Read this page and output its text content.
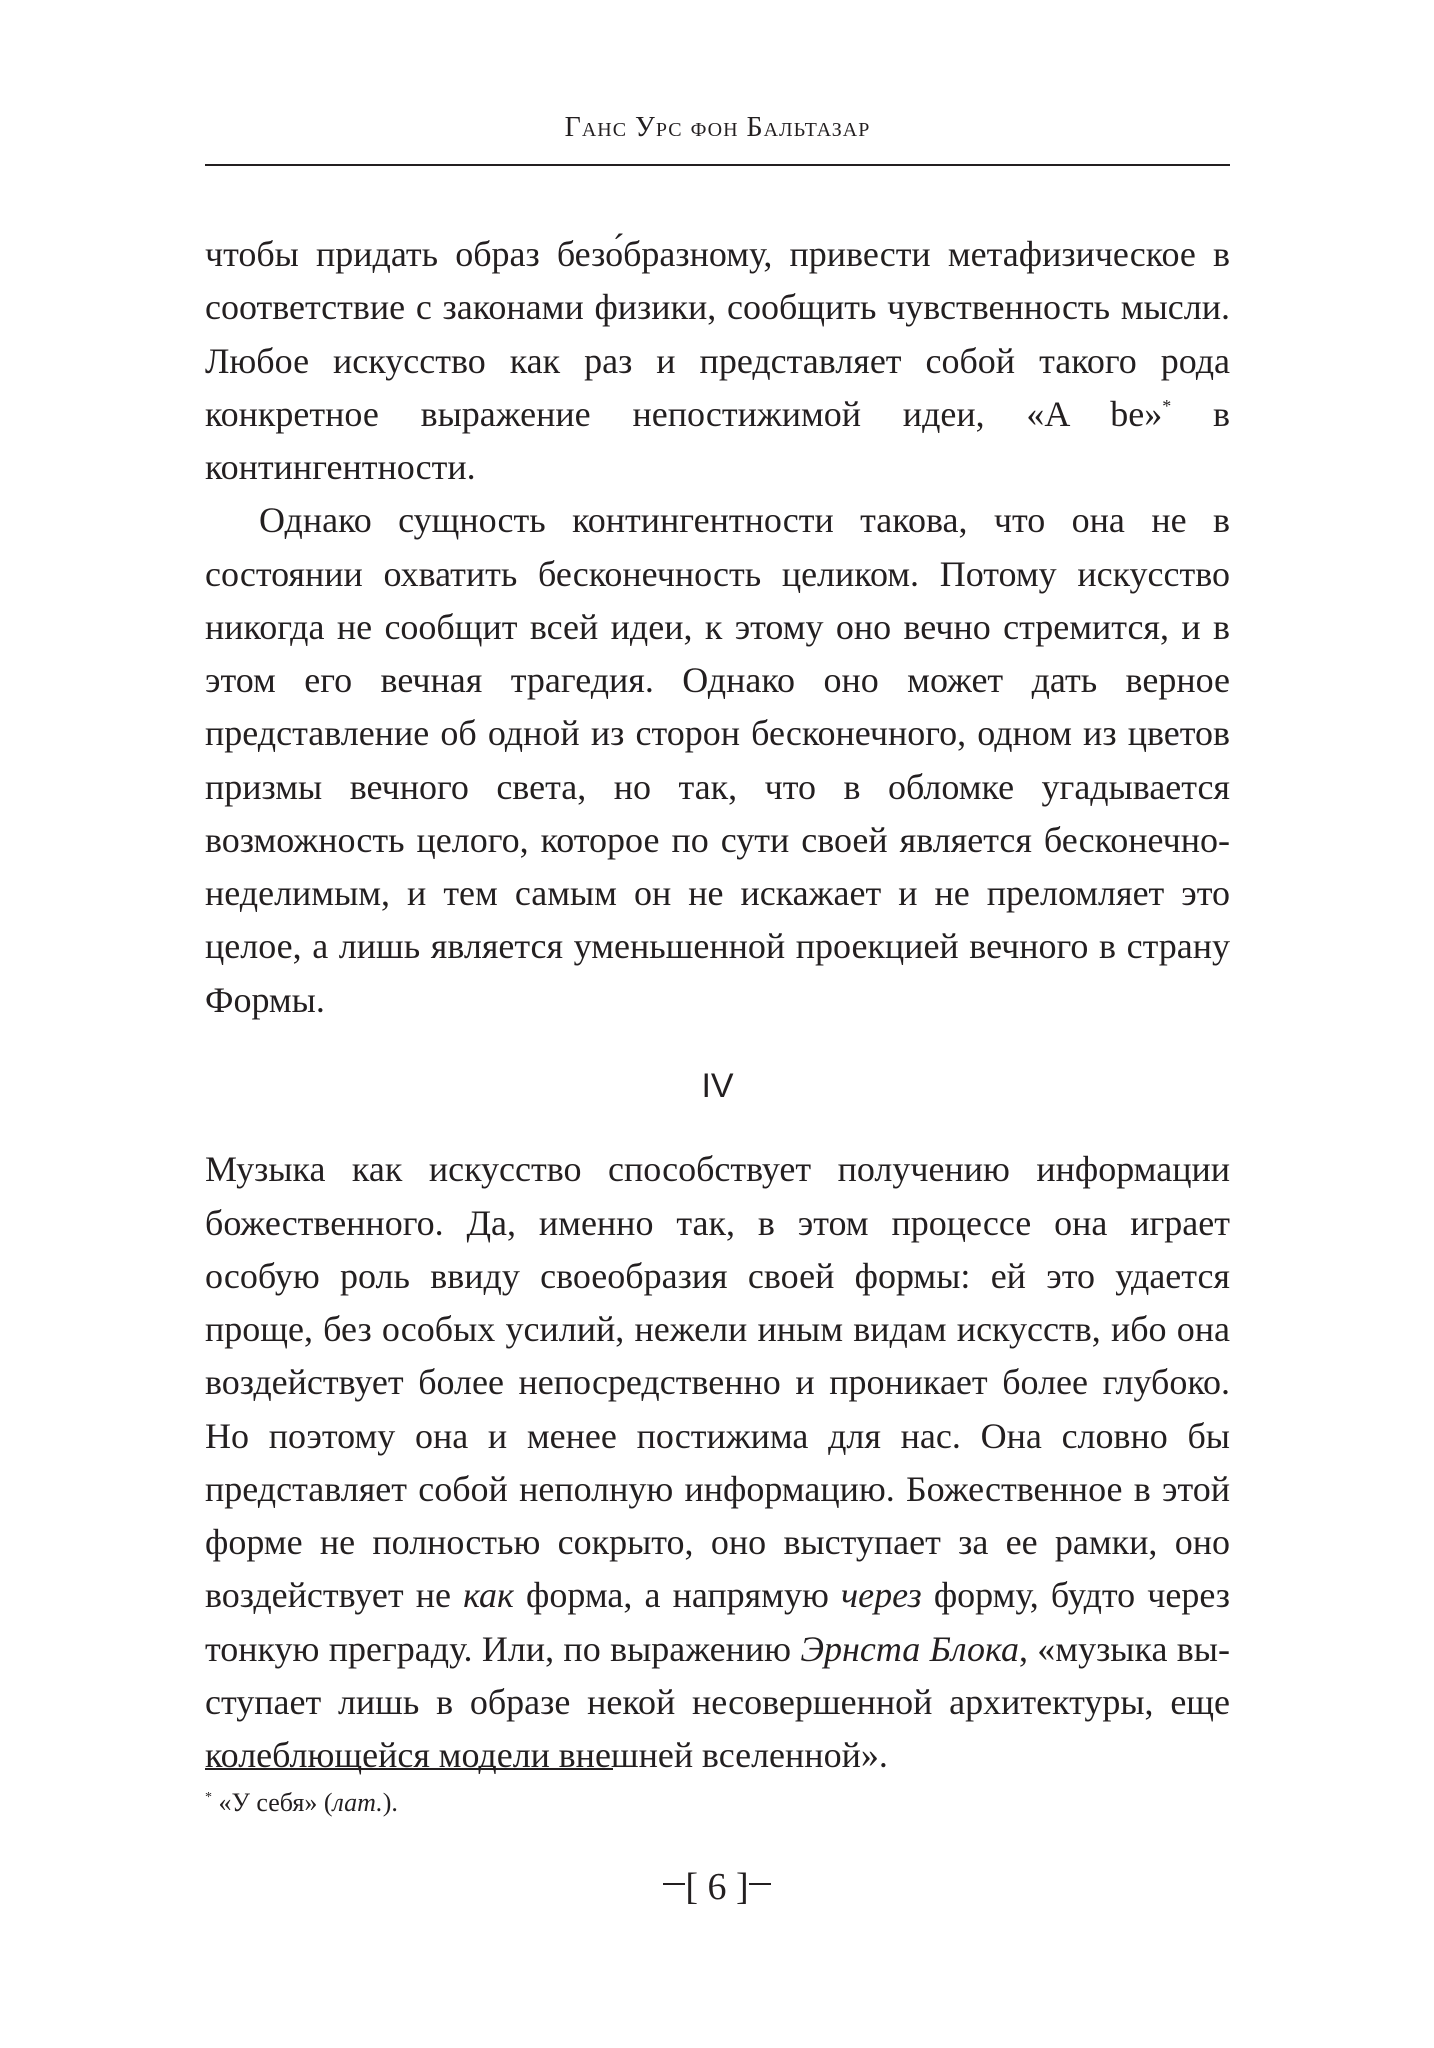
Ганс Урс фон Бальтазар

чтобы придать образ безо́бразному, привести метафизическое в соответствие с законами физики, сообщить чувственность мысли. Любое искусство как раз и представляет собой такого рода конкретное выражение непостижимой идеи, «A be»* в контингентности.

Однако сущность контингентности такова, что она не в состоянии охватить бесконечность целиком. Потому искусство никогда не сообщит всей идеи, к этому оно вечно стремится, и в этом его вечная трагедия. Однако оно может дать верное представление об одной из сторон бесконечного, одном из цветов призмы вечного света, но так, что в обломке угадывается возможность целого, которое по сути своей является бесконечно-неделимым, и тем самым он не искажает и не преломляет это целое, а лишь является уменьшенной проекцией вечного в страну Формы.

IV

Музыка как искусство способствует получению информации божественного. Да, именно так, в этом процессе она играет особую роль ввиду своеобразия своей формы: ей это удается проще, без особых усилий, нежели иным видам искусств, ибо она воздействует более непосредственно и проникает более глубоко. Но поэтому она и менее постижима для нас. Она словно бы представляет собой неполную информацию. Божественное в этой форме не полностью сокрыто, оно выступает за ее рамки, оно воздействует не как форма, а напрямую через форму, будто через тонкую преграду. Или, по выражению Эрнста Блока, «музыка выступает лишь в образе некой несовершенной архитектуры, еще колеблющейся модели внешней вселенной».

* «У себя» (лат.).
[ 6 ]
